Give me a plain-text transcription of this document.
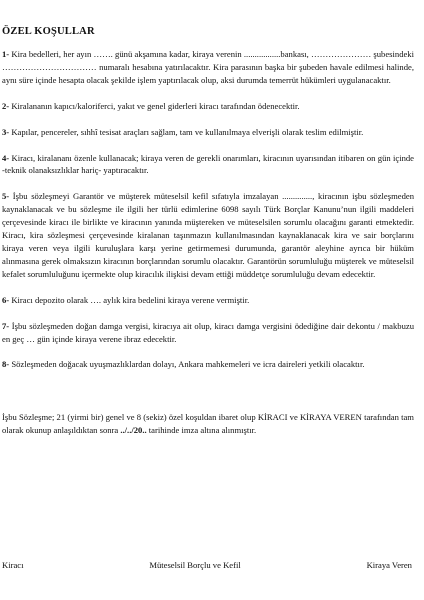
ÖZEL KOŞULLAR

1- Kira bedelleri, her ayın ……. günü akşamına kadar, kiraya verenin .................bankası, ………………… şubesindeki …………………………… numaralı hesabına yatırılacaktır. Kira parasının başka bir şubeden havale edilmesi halinde, aynı süre içinde hesapta olacak şekilde işlem yaptırılacak olup, aksi durumda temerrüt hükümleri uygulanacaktır.

2- Kiralananın kapıcı/kaloriferci, yakıt ve genel giderleri kiracı tarafından ödenecektir.

3- Kapılar, pencereler, sıhhî tesisat araçları sağlam, tam ve kullanılmaya elverişli olarak teslim edilmiştir.

4- Kiracı, kiralananı özenle kullanacak; kiraya veren de gerekli onarımları, kiracının uyarısından itibaren on gün içinde -teknik olanaksızlıklar hariç- yaptıracaktır.

5- İşbu sözleşmeyi Garantör ve müşterek müteselsil kefil sıfatıyla imzalayan .............., kiracının işbu sözleşmeden kaynaklanacak ve bu sözleşme ile ilgili her türlü edimlerine 6098 sayılı Türk Borçlar Kanunu’nun ilgili maddeleri çerçevesinde kiracı ile birlikte ve kiracının yanında müştereken ve müteselsilen sorumlu olacağını garanti etmektedir. Kiracı, kira sözleşmesi çerçevesinde kiralanan taşınmazın kullanılmasından kaynaklanacak kira ve sair borçlarını kiraya veren veya ilgili kuruluşlara karşı yerine getirmemesi durumunda, garantör aleyhine ayrıca bir hüküm alınmasına gerek olmaksızın kiracının borçlarından sorumlu olacaktır. Garantörün sorumluluğu müşterek ve müteselsil kefalet sorumluluğunu içermekte olup kiracılık ilişkisi devam ettiği müddetçe sorumluluğu devam edecektir.

6- Kiracı depozito olarak …. aylık kira bedelini kiraya verene vermiştir.

7- İşbu sözleşmeden doğan damga vergisi, kiracıya ait olup, kiracı damga vergisini ödediğine dair dekontu / makbuzu en geç … gün içinde kiraya verene ibraz edecektir.

8- Sözleşmeden doğacak uyuşmazlıklardan dolayı, Ankara mahkemeleri ve icra daireleri yetkili olacaktır.

İşbu Sözleşme; 21 (yirmi bir) genel ve 8 (sekiz) özel koşuldan ibaret olup KİRACI ve KİRAYA VEREN tarafından tam olarak okunup anlaşıldıktan sonra ../../20.. tarihinde imza altına alınmıştır.

Kiracı	Müteselsil Borçlu ve Kefil	Kiraya Veren
